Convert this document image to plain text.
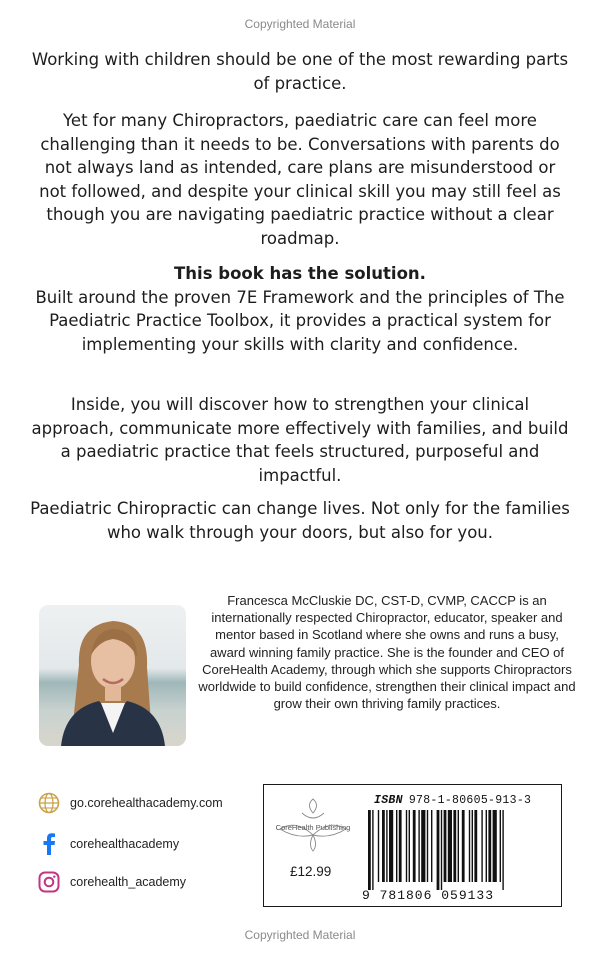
Copyrighted Material

Working with children should be one of the most rewarding parts of practice.

Yet for many Chiropractors, paediatric care can feel more challenging than it needs to be. Conversations with parents do not always land as intended, care plans are misunderstood or not followed, and despite your clinical skill you may still feel as though you are navigating paediatric practice without a clear roadmap.

This book has the solution.

Built around the proven 7E Framework and the principles of The Paediatric Practice Toolbox, it provides a practical system for implementing your skills with clarity and confidence.

Inside, you will discover how to strengthen your clinical approach, communicate more effectively with families, and build a paediatric practice that feels structured, purposeful and impactful.

Paediatric Chiropractic can change lives. Not only for the families who walk through your doors, but also for you.

Francesca McCluskie DC, CST-D, CVMP, CACCP is an internationally respected Chiropractor, educator, speaker and mentor based in Scotland where she owns and runs a busy, award winning family practice. She is the founder and CEO of CoreHealth Academy, through which she supports Chiropractors worldwide to build confidence, strengthen their clinical impact and grow their own thriving family practices.
go.corehealthacademy.com
corehealthacademy
corehealth_academy
CoreHealth Publishing
£12.99
ISBN 978-1-80605-913-3
9 781806 059133
Copyrighted Material
